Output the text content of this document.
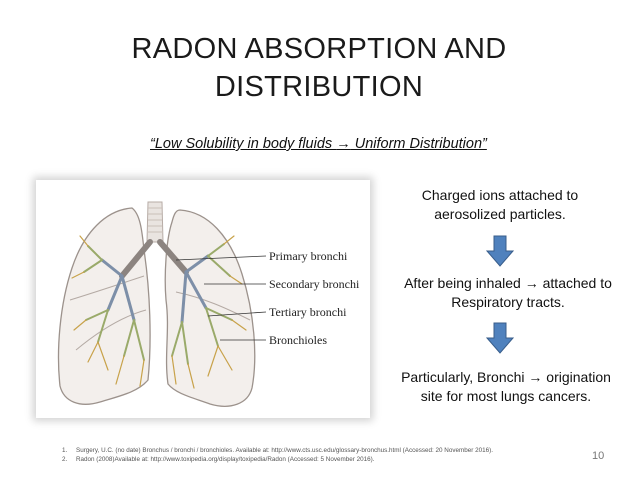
RADON ABSORPTION AND
DISTRIBUTION
“Low Solubility in body fluids → Uniform Distribution”
Primary bronchi
Secondary bronchi
Tertiary bronchi
Bronchioles
Charged ions attached to
aerosolized particles.
After being inhaled → attached to
Respiratory tracts.
Particularly, Bronchi → origination
site for most lungs cancers.
1.	Surgery, U.C. (no date) Bronchus / bronchi / bronchioles. Available at: http://www.cts.usc.edu/glossary-bronchus.html (Accessed: 20 November 2016).
2.	Radon (2008)Available at: http://www.toxipedia.org/display/toxipedia/Radon (Accessed: 5 November 2016).	10
